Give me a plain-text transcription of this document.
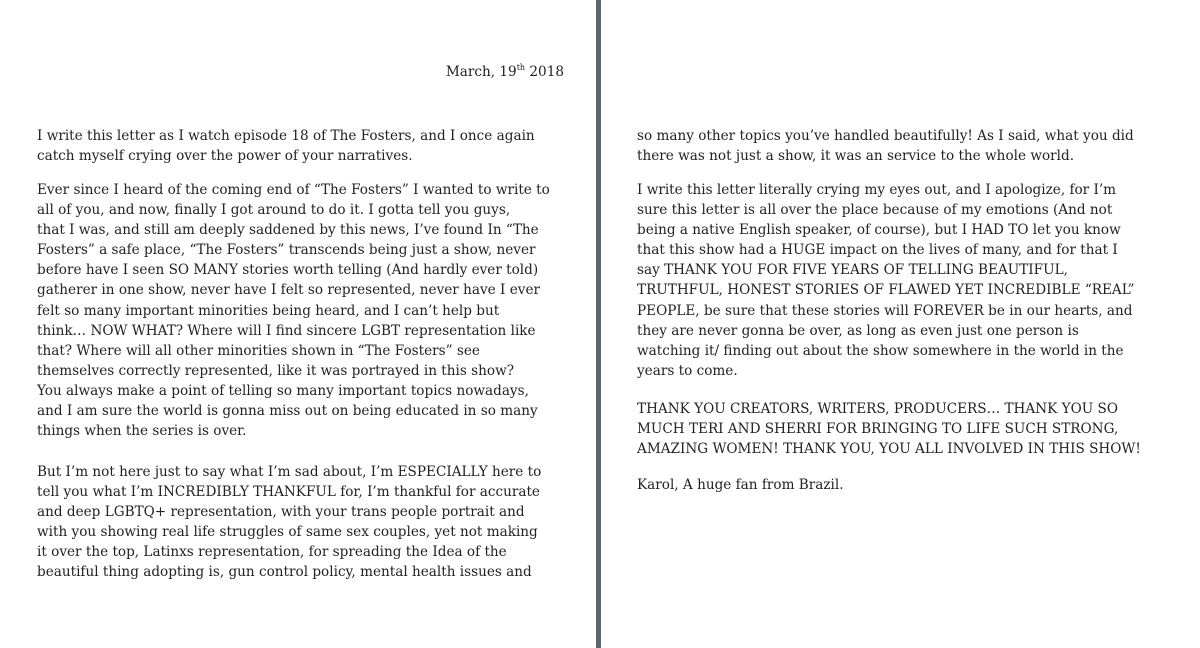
March, 19th 2018

I write this letter as I watch episode 18 of The Fosters, and I once again
catch myself crying over the power of your narratives.

Ever since I heard of the coming end of “The Fosters” I wanted to write to
all of you, and now, finally I got around to do it. I gotta tell you guys,
that I was, and still am deeply saddened by this news, I’ve found In “The
Fosters” a safe place, “The Fosters” transcends being just a show, never
before have I seen SO MANY stories worth telling (And hardly ever told)
gatherer in one show, never have I felt so represented, never have I ever
felt so many important minorities being heard, and I can’t help but
think… NOW WHAT? Where will I find sincere LGBT representation like
that? Where will all other minorities shown in “The Fosters” see
themselves correctly represented, like it was portrayed in this show?
You always make a point of telling so many important topics nowadays,
and I am sure the world is gonna miss out on being educated in so many
things when the series is over.

But I’m not here just to say what I’m sad about, I’m ESPECIALLY here to
tell you what I’m INCREDIBLY THANKFUL for, I’m thankful for accurate
and deep LGBTQ+ representation, with your trans people portrait and
with you showing real life struggles of same sex couples, yet not making
it over the top, Latinxs representation, for spreading the Idea of the
beautiful thing adopting is, gun control policy, mental health issues and

so many other topics you’ve handled beautifully! As I said, what you did
there was not just a show, it was an service to the whole world.

I write this letter literally crying my eyes out, and I apologize, for I’m
sure this letter is all over the place because of my emotions (And not
being a native English speaker, of course), but I HAD TO let you know
that this show had a HUGE impact on the lives of many, and for that I
say THANK YOU FOR FIVE YEARS OF TELLING BEAUTIFUL,
TRUTHFUL, HONEST STORIES OF FLAWED YET INCREDIBLE “REAL”
PEOPLE, be sure that these stories will FOREVER be in our hearts, and
they are never gonna be over, as long as even just one person is
watching it/ finding out about the show somewhere in the world in the
years to come.

THANK YOU CREATORS, WRITERS, PRODUCERS… THANK YOU SO
MUCH TERI AND SHERRI FOR BRINGING TO LIFE SUCH STRONG,
AMAZING WOMEN! THANK YOU, YOU ALL INVOLVED IN THIS SHOW!

Karol, A huge fan from Brazil.
